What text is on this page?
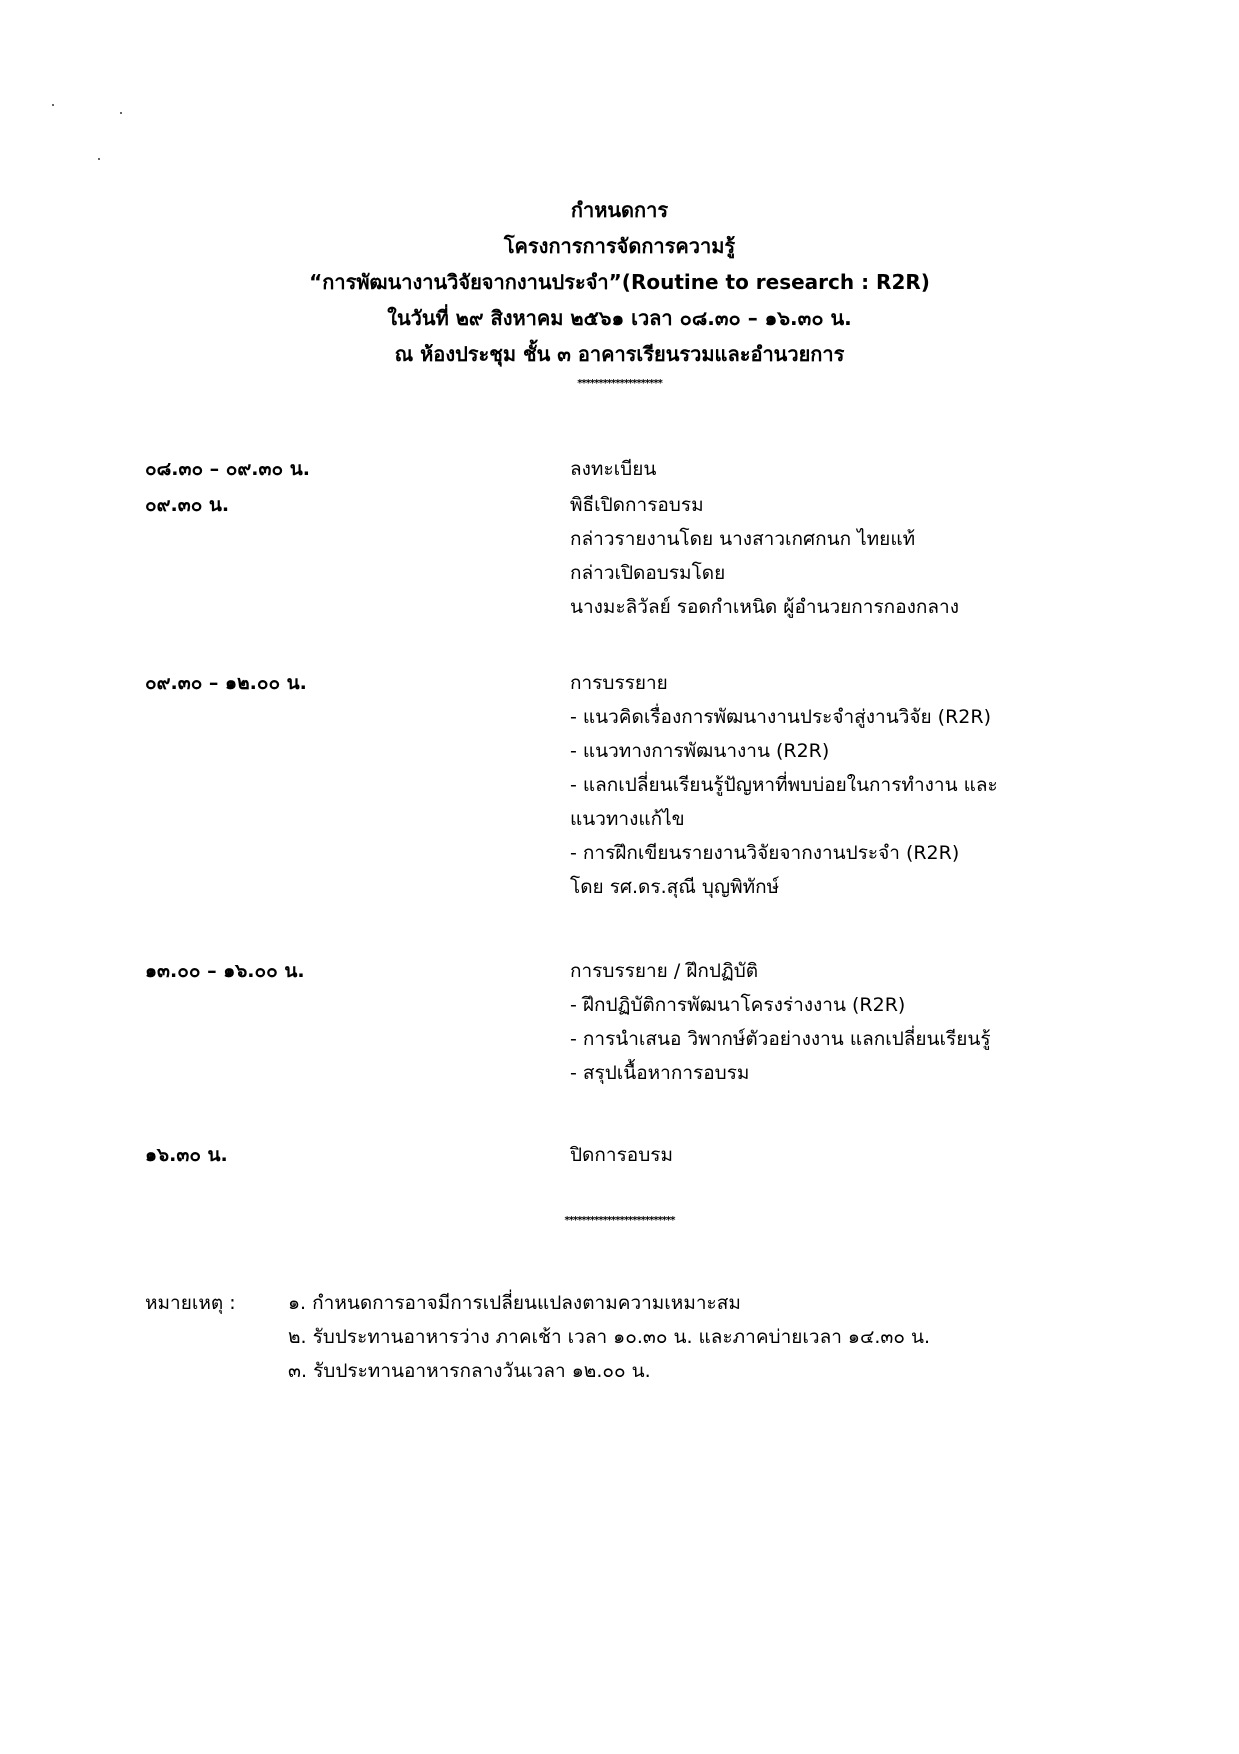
กำหนดการ
โครงการการจัดการความรู้
“การพัฒนางานวิจัยจากงานประจำ”(Routine to research : R2R)
ในวันที่ ๒๙ สิงหาคม ๒๕๖๑ เวลา ๐๘.๓๐ – ๑๖.๓๐ น.
ณ ห้องประชุม ชั้น ๓ อาคารเรียนรวมและอำนวยการ
********************
๐๘.๓๐ – ๐๙.๓๐ น.	ลงทะเบียน
๐๙.๓๐ น.	พิธีเปิดการอบรม
กล่าวรายงานโดย นางสาวเกศกนก ไทยแท้
กล่าวเปิดอบรมโดย
นางมะลิวัลย์ รอดกำเหนิด ผู้อำนวยการกองกลาง
๐๙.๓๐ – ๑๒.๐๐ น.	การบรรยาย
- แนวคิดเรื่องการพัฒนางานประจำสู่งานวิจัย (R2R)
- แนวทางการพัฒนางาน (R2R)
- แลกเปลี่ยนเรียนรู้ปัญหาที่พบบ่อยในการทำงาน และ
แนวทางแก้ไข
- การฝึกเขียนรายงานวิจัยจากงานประจำ (R2R)
โดย รศ.ดร.สุณี บุญพิทักษ์
๑๓.๐๐ – ๑๖.๐๐ น.	การบรรยาย / ฝึกปฏิบัติ
- ฝึกปฏิบัติการพัฒนาโครงร่างงาน (R2R)
- การนำเสนอ วิพากษ์ตัวอย่างงาน แลกเปลี่ยนเรียนรู้
- สรุปเนื้อหาการอบรม
๑๖.๓๐ น.	ปิดการอบรม
**************************
หมายเหตุ :	๑. กำหนดการอาจมีการเปลี่ยนแปลงตามความเหมาะสม
๒. รับประทานอาหารว่าง ภาคเช้า เวลา ๑๐.๓๐ น. และภาคบ่ายเวลา ๑๔.๓๐ น.
๓. รับประทานอาหารกลางวันเวลา ๑๒.๐๐ น.
